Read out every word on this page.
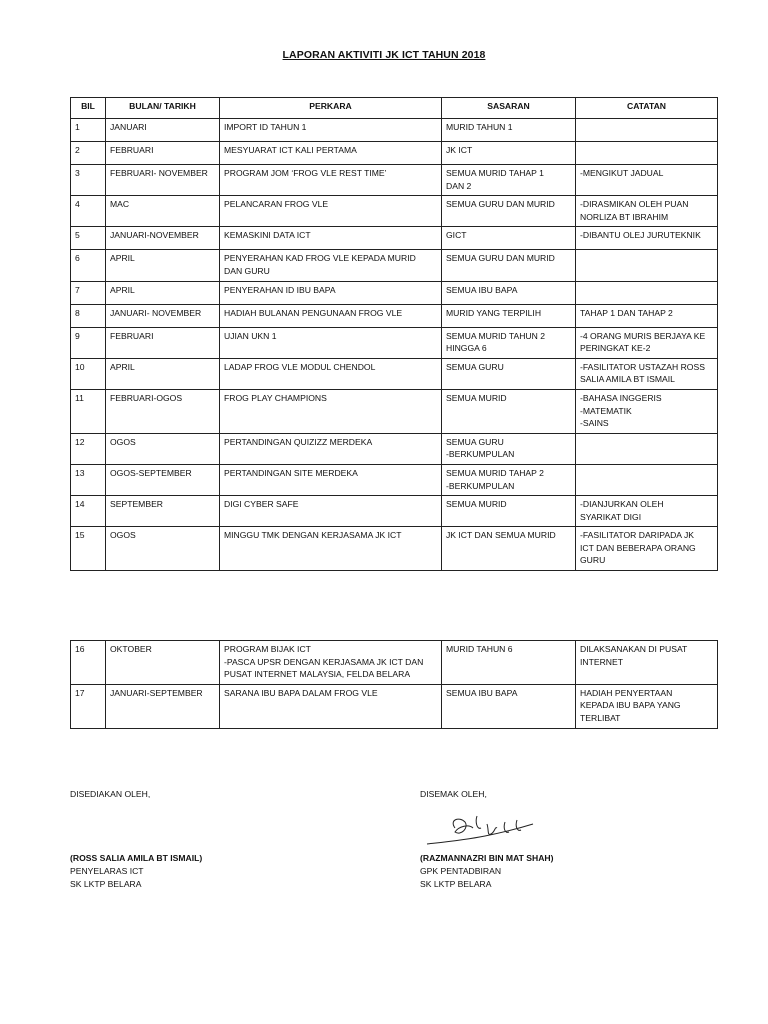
LAPORAN AKTIVITI JK ICT TAHUN 2018
BIL	BULAN/ TARIKH	PERKARA	SASARAN	CATATAN
1	JANUARI	IMPORT ID TAHUN 1	MURID TAHUN 1	
2	FEBRUARI	MESYUARAT ICT KALI PERTAMA	JK ICT	
3	FEBRUARI- NOVEMBER	PROGRAM JOM ‘FROG VLE REST TIME’	SEMUA MURID TAHAP 1
DAN 2	-MENGIKUT JADUAL
4	MAC	PELANCARAN FROG VLE	SEMUA GURU DAN MURID	-DIRASMIKAN OLEH PUAN
NORLIZA BT IBRAHIM
5	JANUARI-NOVEMBER	KEMASKINI DATA ICT	GICT	-DIBANTU OLEJ JURUTEKNIK
6	APRIL	PENYERAHAN KAD FROG VLE KEPADA MURID
DAN GURU	SEMUA GURU DAN MURID	
7	APRIL	PENYERAHAN ID IBU BAPA	SEMUA IBU BAPA	
8	JANUARI- NOVEMBER	HADIAH BULANAN PENGUNAAN FROG VLE	MURID YANG TERPILIH	TAHAP 1 DAN TAHAP 2
9	FEBRUARI	UJIAN UKN 1	SEMUA MURID TAHUN 2
HINGGA 6	-4 ORANG MURIS BERJAYA KE
PERINGKAT KE-2
10	APRIL	LADAP FROG VLE MODUL CHENDOL	SEMUA GURU	-FASILITATOR USTAZAH ROSS
SALIA AMILA BT ISMAIL
11	FEBRUARI-OGOS	FROG PLAY CHAMPIONS	SEMUA MURID	-BAHASA INGGERIS
-MATEMATIK
-SAINS
12	OGOS	PERTANDINGAN QUIZIZZ MERDEKA	SEMUA GURU
-BERKUMPULAN	
13	OGOS-SEPTEMBER	PERTANDINGAN SITE MERDEKA	SEMUA MURID TAHAP 2
-BERKUMPULAN	
14	SEPTEMBER	DIGI CYBER SAFE	SEMUA MURID	-DIANJURKAN OLEH
SYARIKAT DIGI
15	OGOS	MINGGU TMK DENGAN KERJASAMA JK ICT	JK ICT DAN SEMUA MURID	-FASILITATOR DARIPADA JK
ICT DAN BEBERAPA ORANG
GURU
16	OKTOBER	PROGRAM BIJAK ICT
-PASCA UPSR DENGAN KERJASAMA JK ICT DAN
PUSAT INTERNET MALAYSIA, FELDA BELARA	MURID TAHUN 6	DILAKSANAKAN DI PUSAT
INTERNET
17	JANUARI-SEPTEMBER	SARANA IBU BAPA DALAM FROG VLE	SEMUA IBU BAPA	HADIAH PENYERTAAN
KEPADA IBU BAPA YANG
TERLIBAT
DISEDIAKAN OLEH,	DISEMAK OLEH,
(ROSS SALIA AMILA BT ISMAIL)
PENYELARAS ICT
SK LKTP BELARA
(RAZMANNAZRI BIN MAT SHAH)
GPK PENTADBIRAN
SK LKTP BELARA
